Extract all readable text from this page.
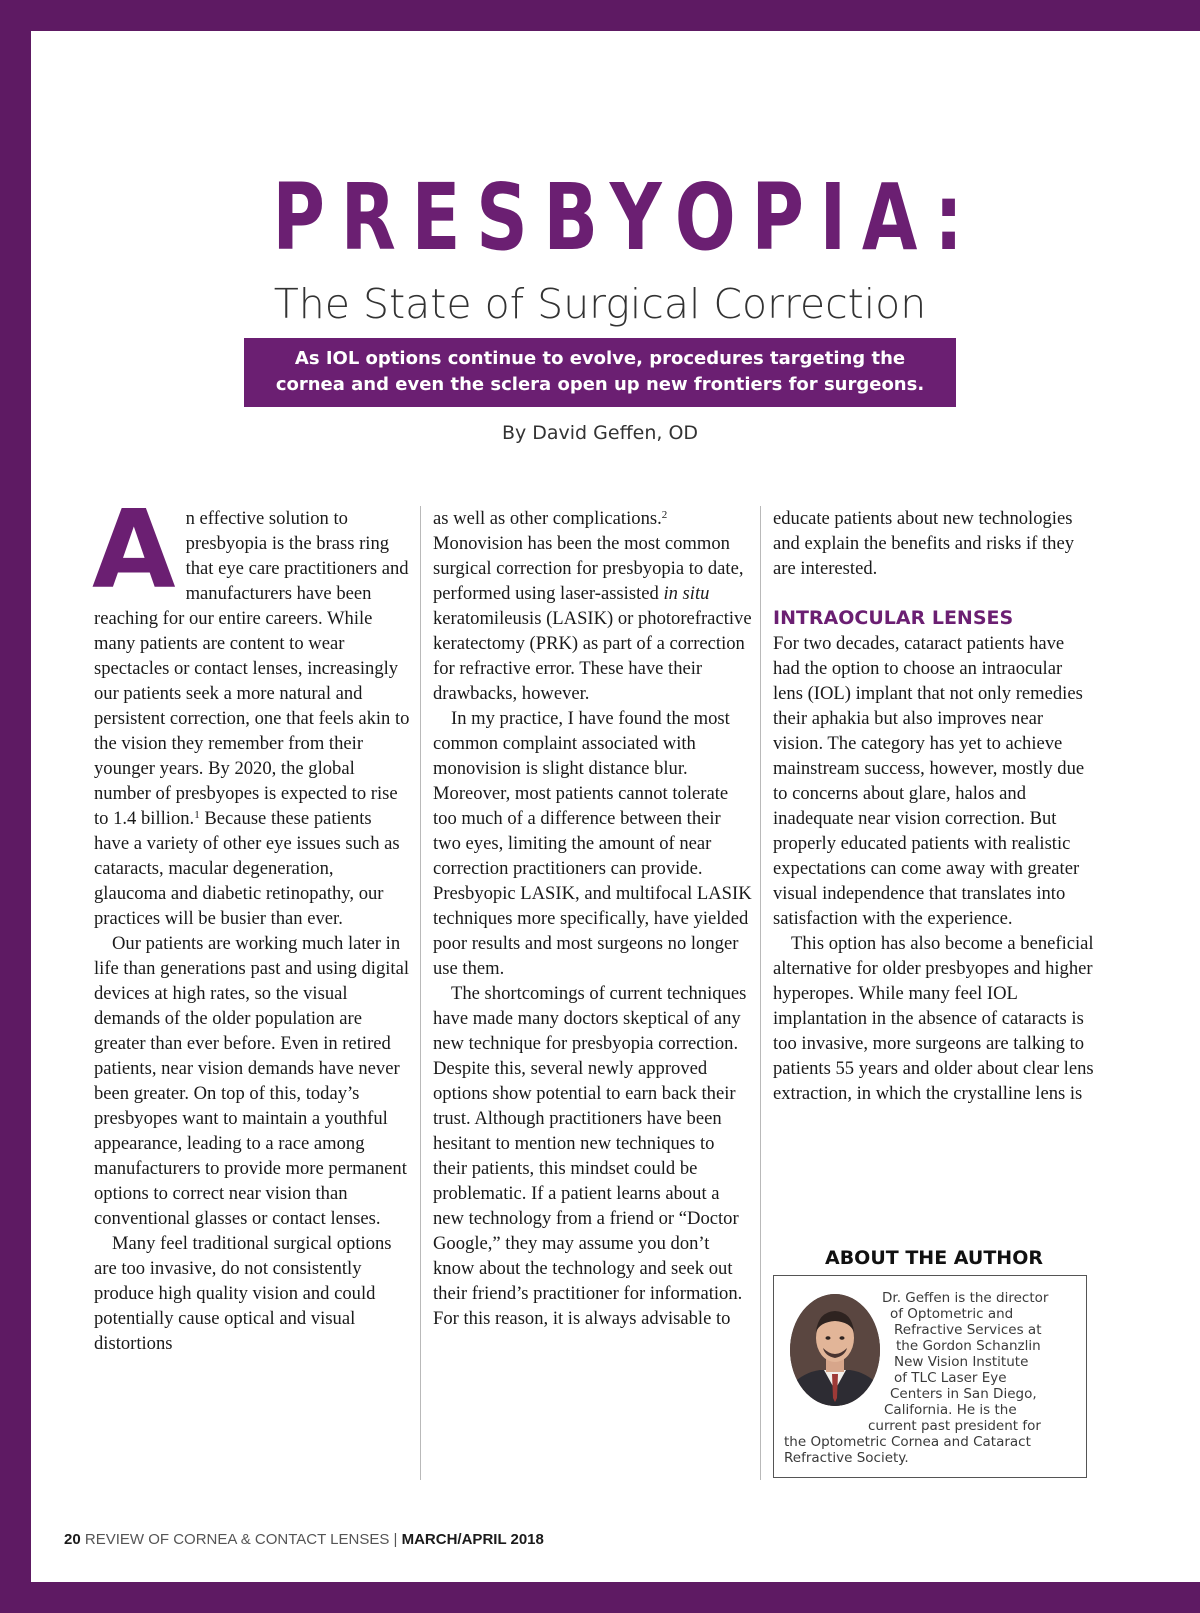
PRESBYOPIA:
The State of Surgical Correction
As IOL options continue to evolve, procedures targeting the
cornea and even the sclera open up new frontiers for surgeons.
By David Geffen, OD

An effective solution to presbyopia is the brass ring that eye care practitioners and manufacturers have been reaching for our entire careers. While many patients are content to wear spectacles or contact lenses, increasingly our patients seek a more natural and persistent correction, one that feels akin to the vision they remember from their younger years. By 2020, the global number of presbyopes is expected to rise to 1.4 billion.$^1$ Because these patients have a variety of other eye issues such as cataracts, macular degeneration, glaucoma and diabetic retinopathy, our practices will be busier than ever.

Our patients are working much later in life than generations past and using digital devices at high rates, so the visual demands of the older population are greater than ever before. Even in retired patients, near vision demands have never been greater. On top of this, today’s presbyopes want to maintain a youthful appearance, leading to a race among manufacturers to provide more permanent options to correct near vision than conventional glasses or contact lenses.

Many feel traditional surgical options are too invasive, do not consistently produce high quality vision and could potentially cause optical and visual distortions

as well as other complications.$^2$ Monovision has been the most common surgical correction for presbyopia to date, performed using laser-assisted in situ keratomileusis (LASIK) or photorefractive keratectomy (PRK) as part of a correction for refractive error. These have their drawbacks, however.

In my practice, I have found the most common complaint associated with monovision is slight distance blur. Moreover, most patients cannot tolerate too much of a difference between their two eyes, limiting the amount of near correction practitioners can provide. Presbyopic LASIK, and multifocal LASIK techniques more specifically, have yielded poor results and most surgeons no longer use them.

The shortcomings of current techniques have made many doctors skeptical of any new technique for presbyopia correction. Despite this, several newly approved options show potential to earn back their trust. Although practitioners have been hesitant to mention new techniques to their patients, this mindset could be problematic. If a patient learns about a new technology from a friend or “Doctor Google,” they may assume you don’t know about the technology and seek out their friend’s practitioner for information. For this reason, it is always advisable to

educate patients about new technologies and explain the benefits and risks if they are interested.

INTRAOCULAR LENSES

For two decades, cataract patients have had the option to choose an intraocular lens (IOL) implant that not only remedies their aphakia but also improves near vision. The category has yet to achieve mainstream success, however, mostly due to concerns about glare, halos and inadequate near vision correction. But properly educated patients with realistic expectations can come away with greater visual independence that translates into satisfaction with the experience.

This option has also become a beneficial alternative for older presbyopes and higher hyperopes. While many feel IOL implantation in the absence of cataracts is too invasive, more surgeons are talking to patients 55 years and older about clear lens extraction, in which the crystalline lens is

ABOUT THE AUTHOR
Dr. Geffen is the director
of Optometric and
Refractive Services at
the Gordon Schanzlin
New Vision Institute
of TLC Laser Eye
Centers in San Diego,
California. He is the
current past president for
the Optometric Cornea and Cataract
Refractive Society.
20 REVIEW OF CORNEA & CONTACT LENSES | MARCH/APRIL 2018
